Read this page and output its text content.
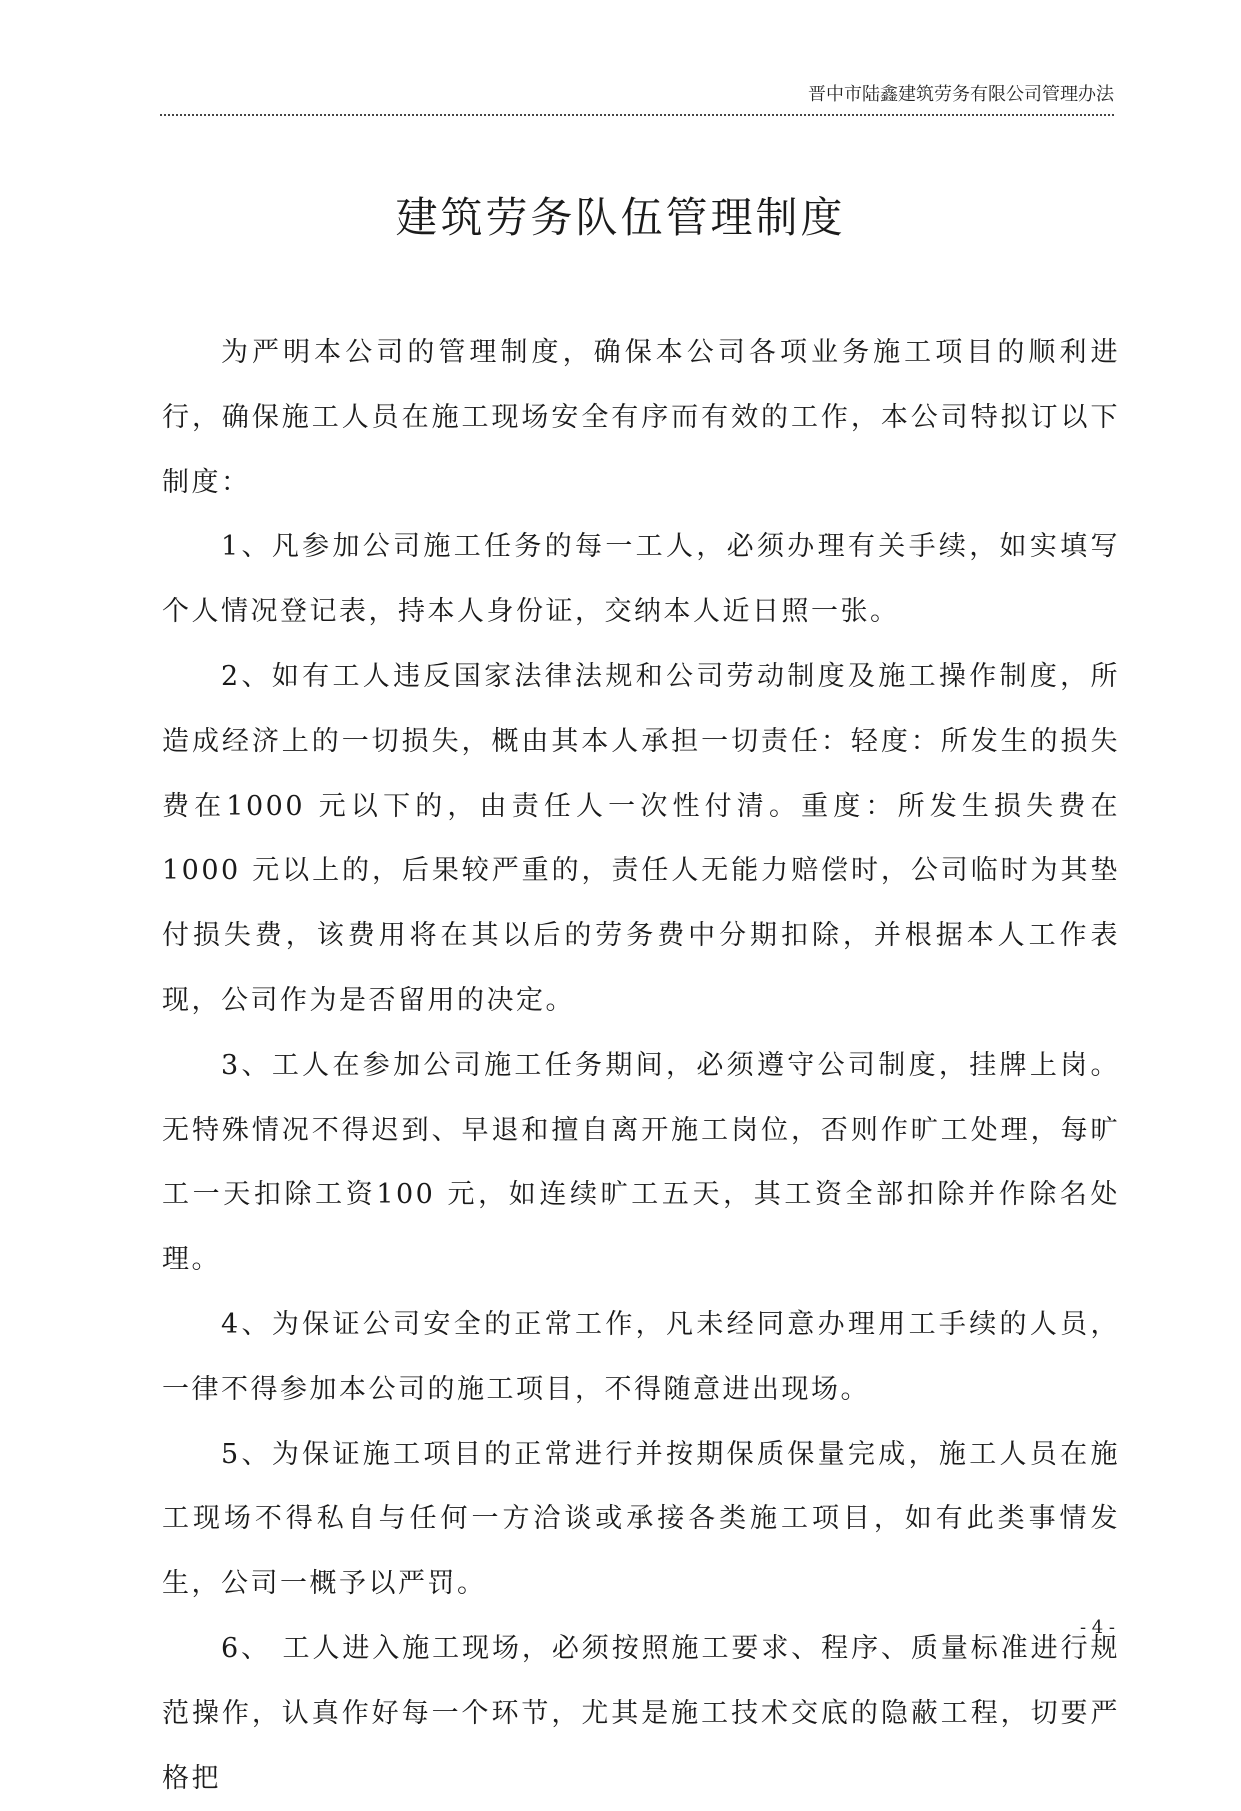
晋中市陆鑫建筑劳务有限公司管理办法
建筑劳务队伍管理制度

为严明本公司的管理制度，确保本公司各项业务施工项目的顺利进行，确保施工人员在施工现场安全有序而有效的工作，本公司特拟订以下制度：

1、凡参加公司施工任务的每一工人，必须办理有关手续，如实填写个人情况登记表，持本人身份证，交纳本人近日照一张。

2、如有工人违反国家法律法规和公司劳动制度及施工操作制度，所造成经济上的一切损失，概由其本人承担一切责任：轻度：所发生的损失费在1000 元以下的，由责任人一次性付清。重度：所发生损失费在1000 元以上的，后果较严重的，责任人无能力赔偿时，公司临时为其垫付损失费，该费用将在其以后的劳务费中分期扣除，并根据本人工作表现，公司作为是否留用的决定。

3、工人在参加公司施工任务期间，必须遵守公司制度，挂牌上岗。无特殊情况不得迟到、早退和擅自离开施工岗位，否则作旷工处理，每旷工一天扣除工资100 元，如连续旷工五天，其工资全部扣除并作除名处理。

4、为保证公司安全的正常工作，凡未经同意办理用工手续的人员，一律不得参加本公司的施工项目，不得随意进出现场。

5、为保证施工项目的正常进行并按期保质保量完成，施工人员在施工现场不得私自与任何一方洽谈或承接各类施工项目，如有此类事情发生，公司一概予以严罚。

6、 工人进入施工现场，必须按照施工要求、程序、质量标准进行规范操作，认真作好每一个环节，尤其是施工技术交底的隐蔽工程，切要严格把

- 4 -
